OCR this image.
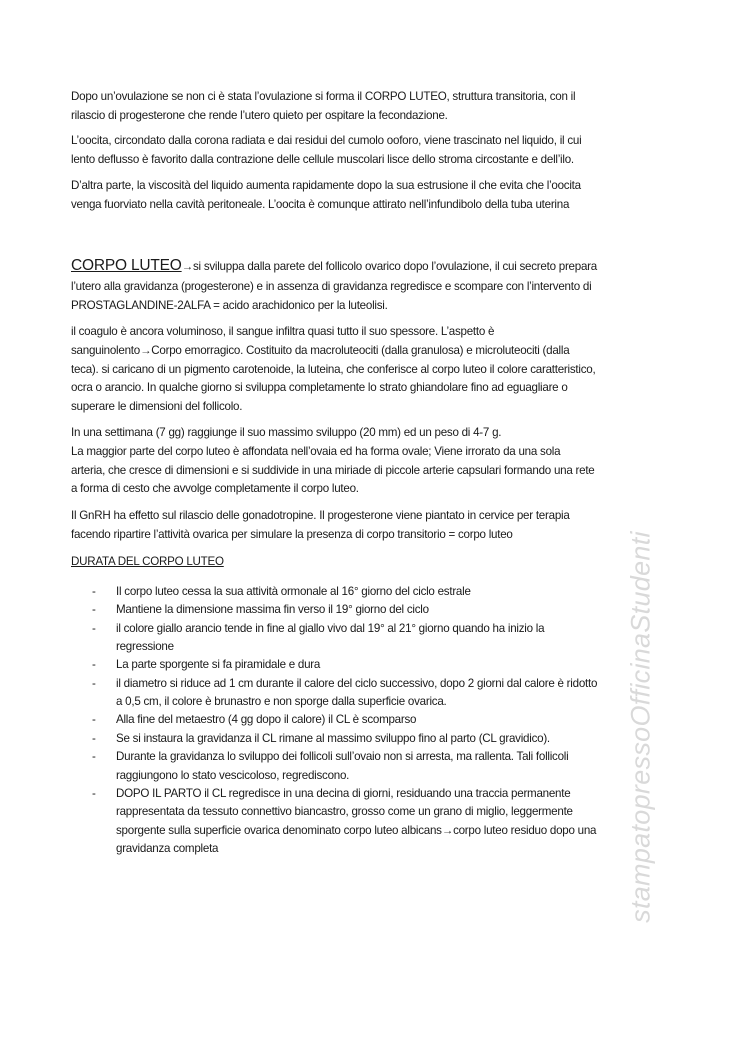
stampatopressoOfficinaStudenti
Dopo un’ovulazione se non ci è stata l’ovulazione si forma il CORPO LUTEO, struttura transitoria, con il
rilascio di progesterone che rende l’utero quieto per ospitare la fecondazione.
L’oocita, circondato dalla corona radiata e dai residui del cumolo ooforo, viene trascinato nel liquido, il cui
lento deflusso è favorito dalla contrazione delle cellule muscolari lisce dello stroma circostante e dell’ilo.
D’altra parte, la viscosità del liquido aumenta rapidamente dopo la sua estrusione il che evita che l’oocita
venga fuorviato nella cavità peritoneale. L’oocita è comunque attirato nell’infundibolo della tuba uterina
CORPO LUTEO→si sviluppa dalla parete del follicolo ovarico dopo l’ovulazione, il cui secreto prepara
l’utero alla gravidanza (progesterone) e in assenza di gravidanza regredisce e scompare con l’intervento di
PROSTAGLANDINE-2ALFA = acido arachidonico per la luteolisi.
il coagulo è ancora voluminoso, il sangue infiltra quasi tutto il suo spessore. L’aspetto è
sanguinolento→Corpo emorragico. Costituito da macroluteociti (dalla granulosa) e microluteociti (dalla
teca). si caricano di un pigmento carotenoide, la luteina, che conferisce al corpo luteo il colore caratteristico,
ocra o arancio. In qualche giorno si sviluppa completamente lo strato ghiandolare fino ad eguagliare o
superare le dimensioni del follicolo.
In una settimana (7 gg) raggiunge il suo massimo sviluppo (20 mm) ed un peso di 4-7 g.
La maggior parte del corpo luteo è affondata nell’ovaia ed ha forma ovale; Viene irrorato da una sola
arteria, che cresce di dimensioni e si suddivide in una miriade di piccole arterie capsulari formando una rete
a forma di cesto che avvolge completamente il corpo luteo.
Il GnRH ha effetto sul rilascio delle gonadotropine. Il progesterone viene piantato in cervice per terapia
facendo ripartire l’attività ovarica per simulare la presenza di corpo transitorio = corpo luteo
DURATA DEL CORPO LUTEO
- Il corpo luteo cessa la sua attività ormonale al 16° giorno del ciclo estrale
- Mantiene la dimensione massima fin verso il 19° giorno del ciclo
- il colore giallo arancio tende in fine al giallo vivo dal 19° al 21° giorno quando ha inizio la
regressione
- La parte sporgente si fa piramidale e dura
- il diametro si riduce ad 1 cm durante il calore del ciclo successivo, dopo 2 giorni dal calore è ridotto
a 0,5 cm, il colore è brunastro e non sporge dalla superficie ovarica.
- Alla fine del metaestro (4 gg dopo il calore) il CL è scomparso
- Se si instaura la gravidanza il CL rimane al massimo sviluppo fino al parto (CL gravidico).
- Durante la gravidanza lo sviluppo dei follicoli sull’ovaio non si arresta, ma rallenta. Tali follicoli
raggiungono lo stato vescicoloso, regrediscono.
- DOPO IL PARTO il CL regredisce in una decina di giorni, residuando una traccia permanente
rappresentata da tessuto connettivo biancastro, grosso come un grano di miglio, leggermente
sporgente sulla superficie ovarica denominato corpo luteo albicans→corpo luteo residuo dopo una
gravidanza completa
